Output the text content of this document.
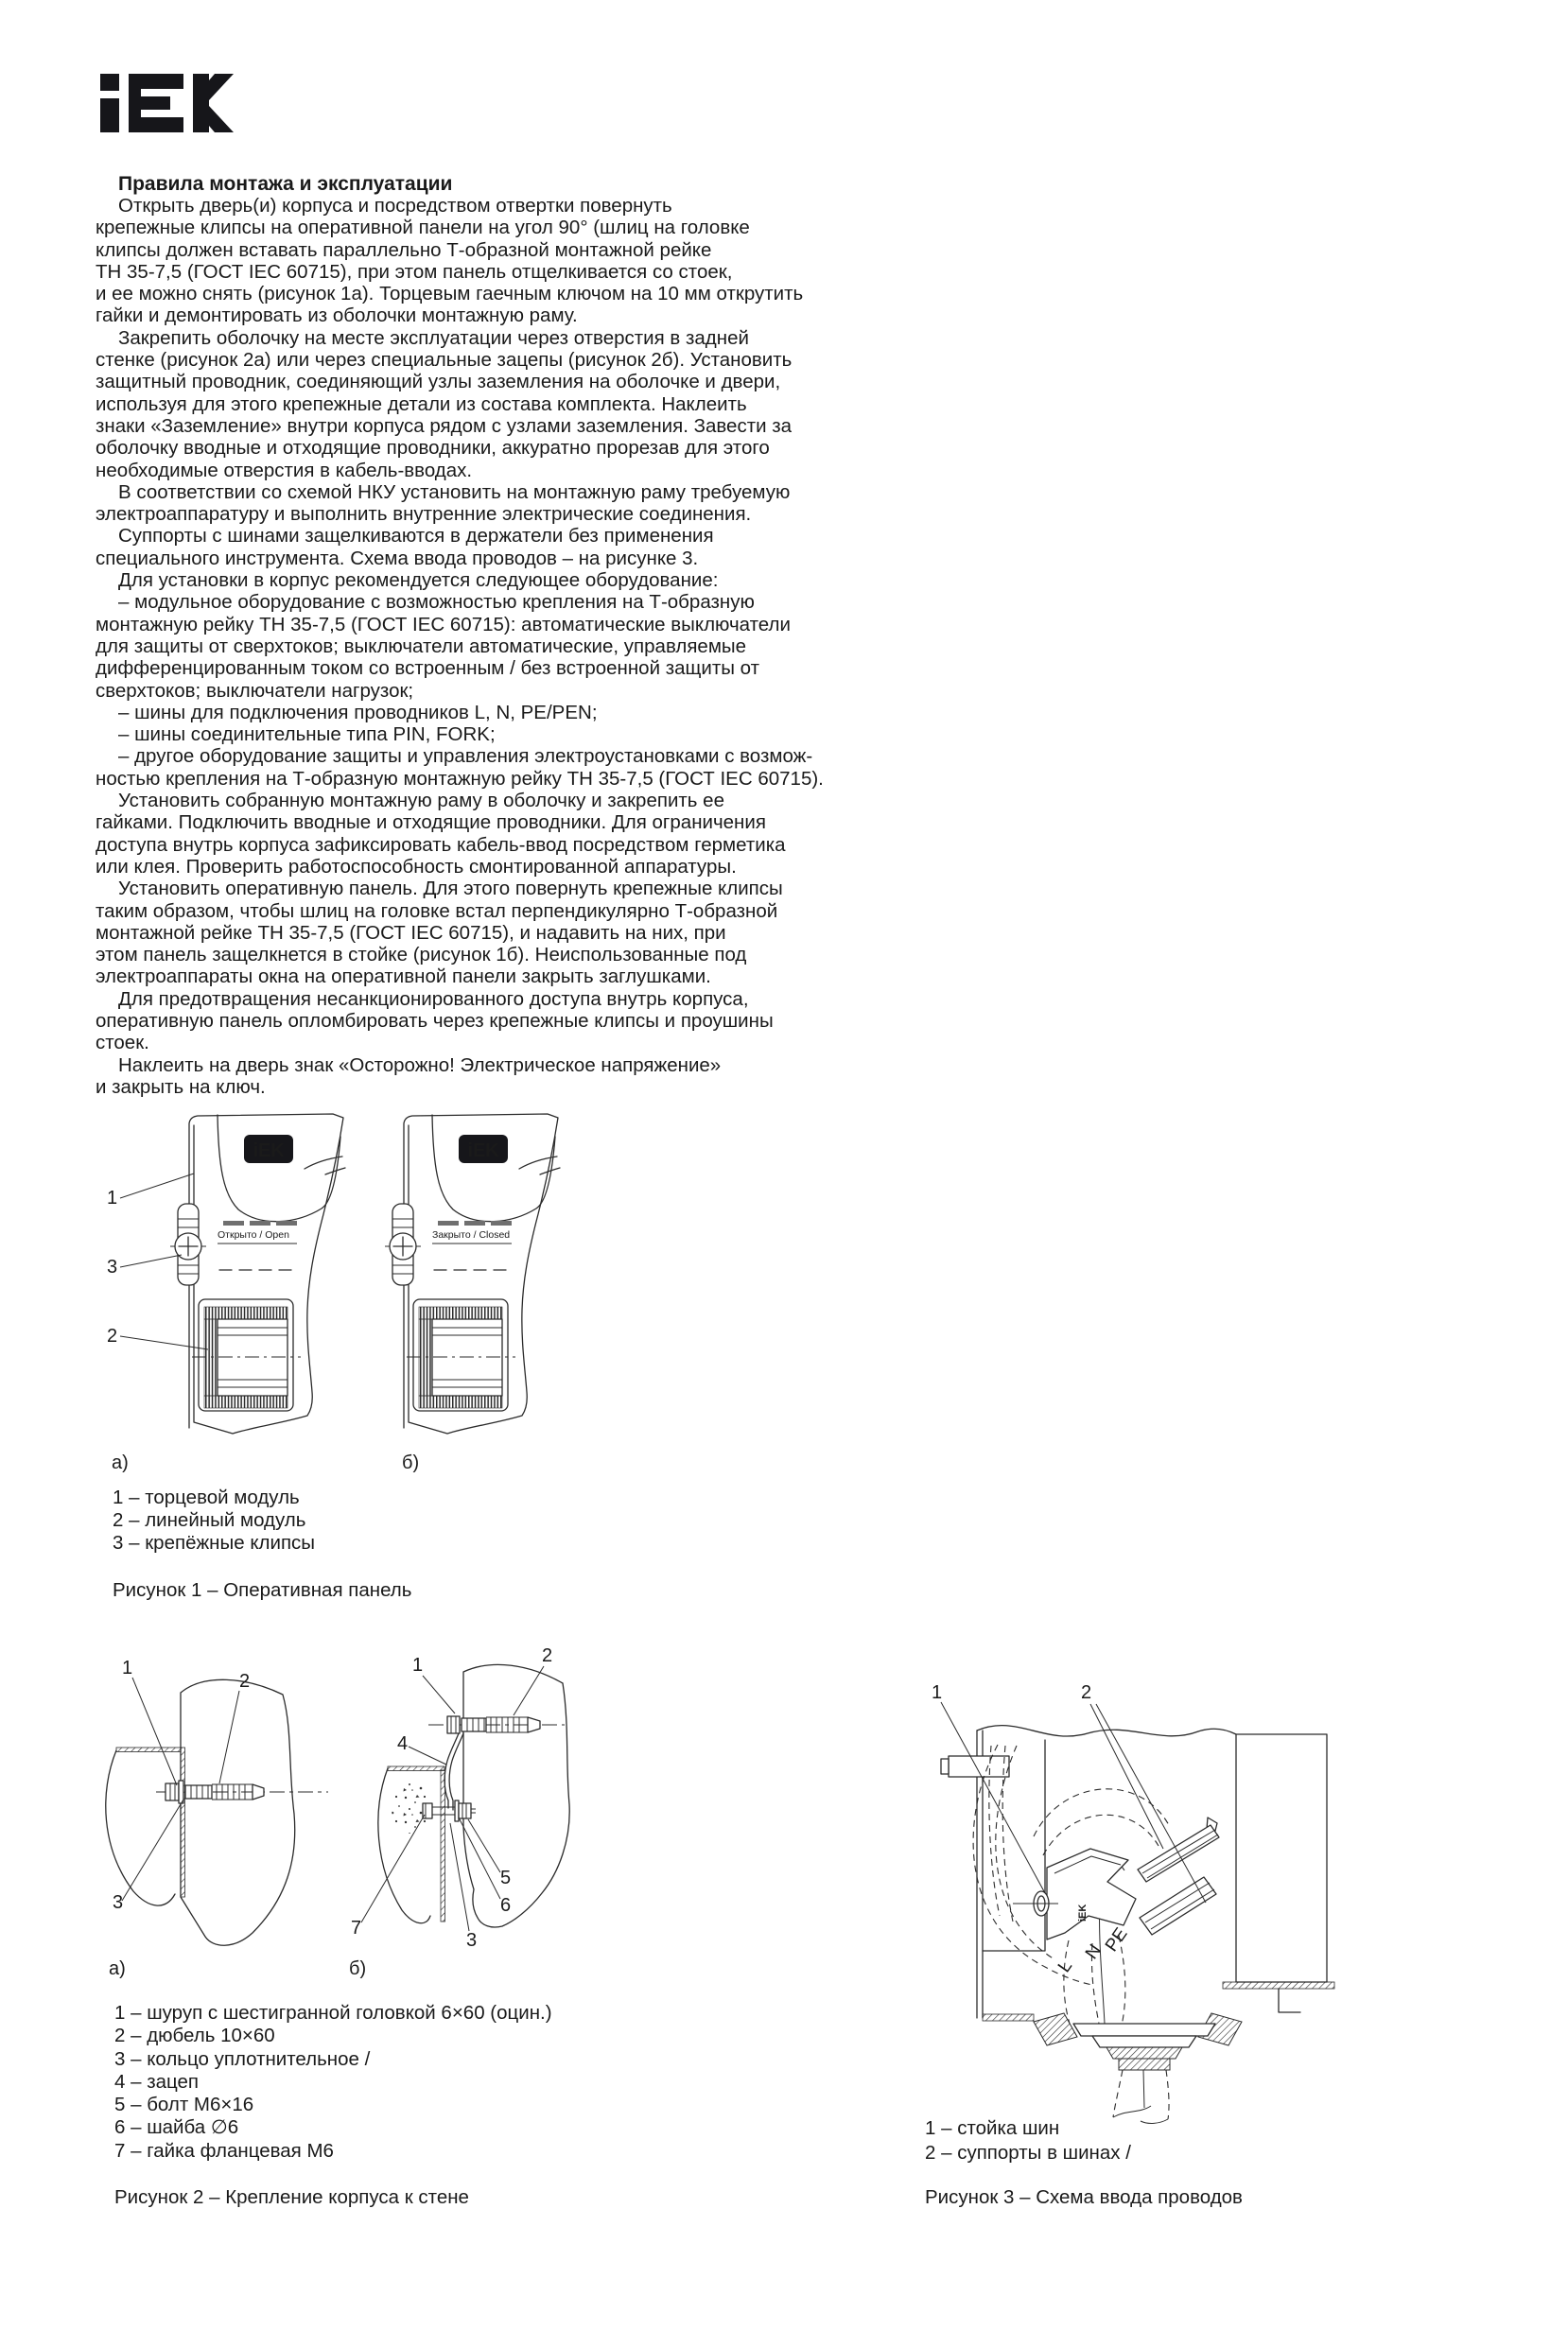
Правила монтажа и эксплуатации

Открыть дверь(и) корпуса и посредством отвертки повернуть
крепежные клипсы на оперативной панели на угол 90° (шлиц на головке
клипсы должен вставать параллельно Т-образной монтажной рейке
ТН 35-7,5 (ГОСТ IEC 60715), при этом панель отщелкивается со стоек,
и ее можно снять (рисунок 1а). Торцевым гаечным ключом на 10 мм открутить
гайки и демонтировать из оболочки монтажную раму.

Закрепить оболочку на месте эксплуатации через отверстия в задней
стенке (рисунок 2а) или через специальные зацепы (рисунок 2б). Установить
защитный проводник, соединяющий узлы заземления на оболочке и двери,
используя для этого крепежные детали из состава комплекта. Наклеить
знаки «Заземление» внутри корпуса рядом с узлами заземления. Завести за
оболочку вводные и отходящие проводники, аккуратно прорезав для этого
необходимые отверстия в кабель-вводах.

В соответствии со схемой НКУ установить на монтажную раму требуемую
электроаппаратуру и выполнить внутренние электрические соединения.

Суппорты с шинами защелкиваются в держатели без применения
специального инструмента. Схема ввода проводов – на рисунке 3.

Для установки в корпус рекомендуется следующее оборудование:

– модульное оборудование с возможностью крепления на Т-образную
монтажную рейку ТН 35-7,5 (ГОСТ IEC 60715): автоматические выключатели
для защиты от сверхтоков; выключатели автоматические, управляемые
дифференцированным током со встроенным / без встроенной защиты от
сверхтоков; выключатели нагрузок;

– шины для подключения проводников L, N, PE/PEN;

– шины соединительные типа PIN, FORK;

– другое оборудование защиты и управления электроустановками с возмож-
ностью крепления на Т-образную монтажную рейку ТН 35-7,5 (ГОСТ IEC 60715).

Установить собранную монтажную раму в оболочку и закрепить ее
гайками. Подключить вводные и отходящие проводники. Для ограничения
доступа внутрь корпуса зафиксировать кабель-ввод посредством герметика
или клея. Проверить работоспособность смонтированной аппаратуры.

Установить оперативную панель. Для этого повернуть крепежные клипсы
таким образом, чтобы шлиц на головке встал перпендикулярно Т-образной
монтажной рейке ТН 35-7,5 (ГОСТ IEC 60715), и надавить на них, при
этом панель защелкнется в стойке (рисунок 1б). Неиспользованные под
электроаппараты окна на оперативной панели закрыть заглушками.

Для предотвращения несанкционированного доступа внутрь корпуса,
оперативную панель опломбировать через крепежные клипсы и проушины
стоек.

Наклеить на дверь знак «Осторожно! Электрическое напряжение»
и закрыть на ключ.

iEK
Открыто / Open	Закрыто / Closed
1
3
2
а)	б)
1 – торцевой модуль
2 – линейный модуль
3 – крепёжные клипсы
Рисунок 1 – Оперативная панель
1
2
3
а)
1	2
4
5
6
3
7
б)
1 – шуруп с шестигранной головкой 6×60 (оцин.)
2 – дюбель 10×60
3 – кольцо уплотнительное /
4 – зацеп
5 – болт М6×16
6 – шайба ∅6
7 – гайка фланцевая М6
Рисунок 2 – Крепление корпуса к стене
iEK
1	2
L
N
PE
1 – стойка шин
2 – суппорты в шинах /
Рисунок 3 – Схема ввода проводов
